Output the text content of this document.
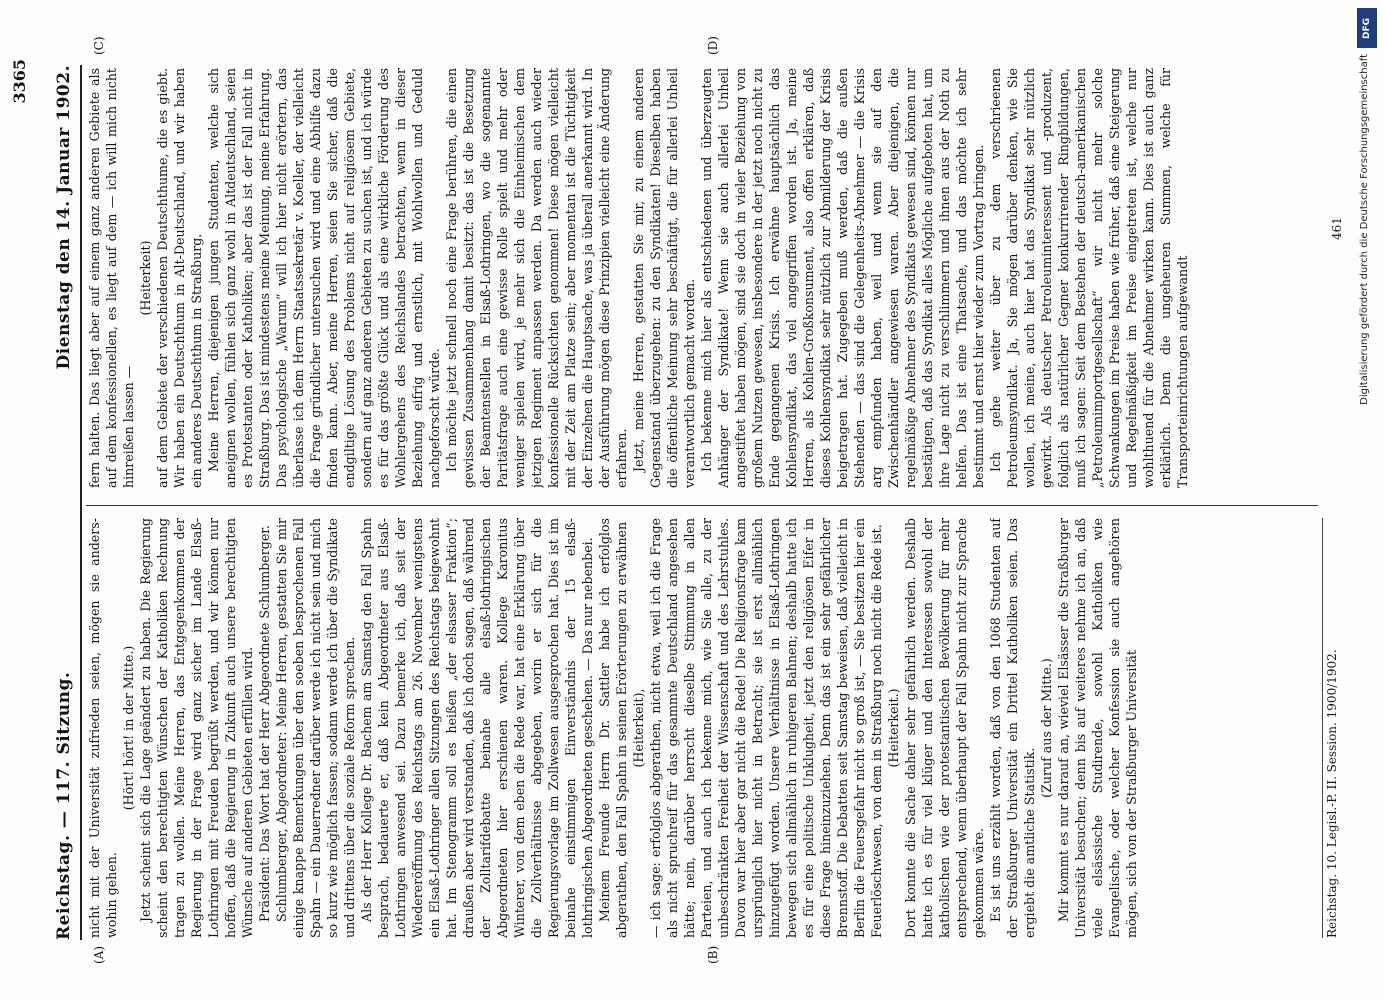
Reichstag. — 117. Sitzung.
Dienstag den 14. Januar 1902.
3365
(A)	(B)
(C)	(D)

nicht mit der Universität zufrieden seien, mögen sie anders-wohin gehen.

(Hört! hört! in der Mitte.) Jetzt scheint sich die Lage geändert zu haben. Die Regierung scheint den berechtigten Wünschen der Katholiken Rechnung tragen zu wollen. Meine Herren, das Entgegenkommen der Regierung in der Frage wird ganz sicher im Lande Elsaß-Lothringen mit Freuden begrüßt werden, und wir können nur hoffen, daß die Regierung in Zukunft auch unsere berechtigten Wünsche auf anderen Gebieten erfüllen wird. Präsident: Das Wort hat der Herr Abgeordnete Schlumberger. Schlumberger, Abgeordneter: Meine Herren, gestatten Sie mir einige knappe Bemerkungen über den soeben besprochenen Fall Spahn — ein Dauerredner darüber werde ich nicht sein und mich so kurz wie möglich fassen; sodann werde ich über die Syndikate und drittens über die soziale Reform sprechen. Als der Herr Kollege Dr. Bachem am Samstag den Fall Spahn besprach, bedauerte er, daß kein Abgeordneter aus Elsaß-Lothringen anwesend sei. Dazu bemerke ich, daß seit der Wiedereröffnung des Reichstags am 26. November wenigstens ein Elsaß-Lothringer allen Sitzungen des Reichstags beigewohnt hat. Im Stenogramm soll es heißen „der elsasser Fraktion“; draußen aber wird verstanden, daß ich doch sagen, daß während der Zolltarifdebatte beinahe alle elsaß-lothringischen Abgeordneten hier erschienen waren. Kollege Karonitus Winterer, von dem eben die Rede war, hat eine Erklärung über die Zollverhältnisse abgegeben, worin er sich für die Regierungsvorlage im Zollwesen ausgesprochen hat. Dies ist im beinahe einstimmigen Einverständnis der 15 elsaß-lothringischen Abgeordneten geschehen. — Das nur nebenbei. Meinem Freunde Herrn Dr. Sattler habe ich erfolglos abgerathen, den Fall Spahn in seinen Erörterungen zu erwähnen (Heiterkeit), — ich sage: erfolglos abgerathen, nicht etwa, weil ich die Frage als nicht spruchreif für das gesammte Deutschland angesehen hätte; nein, darüber herrscht dieselbe Stimmung in allen Parteien, und auch ich bekenne mich, wie Sie alle, zu der unbeschränkten Freiheit der Wissenschaft und des Lehrstuhles. Davon war hier aber gar nicht die Rede! Die Religionsfrage kam ursprünglich hier nicht in Betracht; sie ist erst allmählich hinzugefügt worden. Unsere Verhältnisse in Elsaß-Lothringen bewegen sich allmählich in ruhigeren Bahnen; deshalb hatte ich es für eine politische Unklugheit, jetzt den religiösen Eifer in diese Frage hineinzuziehen. Denn das ist ein sehr gefährlicher Brennstoff. Die Debatten seit Samstag beweisen, daß vielleicht in Berlin die Feuersgefahr nicht so groß ist, — Sie besitzen hier ein Feuerlöschwesen, von dem in Straßburg noch nicht die Rede ist. (Heiterkeit.) Dort konnte die Sache daher sehr gefährlich werden. Deshalb hatte ich es für viel klüger und den Interessen sowohl der katholischen wie der protestantischen Bevölkerung für mehr entsprechend, wenn überhaupt der Fall Spahn nicht zur Sprache gekommen wäre. Es ist uns erzählt worden, daß von den 1068 Studenten auf der Straßburger Universität ein Drittel Katholiken seien. Das ergiebt die amtliche Statistik.

(Zuruf aus der Mitte.) Mir kommt es nur darauf an, wieviel Elsässer die Straßburger Universität besuchen; denn bis auf weiteres nehme ich an, daß viele elsässische Studirende, sowohl Katholiken wie Evangelische, oder welcher Konfession sie auch angehören mögen, sich von der Straßburger Universität

fern halten. Das liegt aber auf einem ganz anderen Gebiete als auf dem konfessionellen, es liegt auf dem — ich will mich nicht hinreißen lassen —

(Heiterkeit) auf dem Gebiete der verschiedenen Deutschthume, die es giebt. Wir haben ein Deutschthum in Alt-Deutschland, und wir haben ein anderes Deutschthum in Straßburg. Meine Herren, diejenigen jungen Studenten, welche sich aneignen wollen, fühlen sich ganz wohl in Altdeutschland, seien es Protestanten oder Katholiken; aber das ist der Fall nicht in Straßburg. Das ist mindestens meine Meinung, meine Erfahrung. Das psychologische „Warum“ will ich hier nicht erörtern, das überlasse ich dem Herrn Staatssekretär v. Koeller, der vielleicht die Frage gründlicher untersuchen wird und eine Abhilfe dazu finden kann. Aber, meine Herren, seien Sie sicher, daß die endgiltige Lösung des Problems nicht auf religiösem Gebiete, sondern auf ganz anderen Gebieten zu suchen ist, und ich würde es für das größte Glück und als eine wirkliche Förderung des Wohlergehens des Reichslandes betrachten, wenn in dieser Beziehung eifrig und ernstlich, mit Wohlwollen und Geduld nachgeforscht würde. Ich möchte jetzt schnell noch eine Frage berühren, die einen gewissen Zusammenhang damit besitzt: das ist die Besetzung der Beamtenstellen in Elsaß-Lothringen, wo die sogenannte Paritätsfrage auch eine gewisse Rolle spielt und mehr oder weniger spielen wird, je mehr sich die Einheimischen dem jetzigen Regiment anpassen werden. Da werden auch wieder konfessionelle Rücksichten genommen! Diese mögen vielleicht mit der Zeit am Platze sein; aber momentan ist die Tüchtigkeit der Einzelnen die Hauptsache, was ja überall anerkannt wird. In der Ausführung mögen diese Prinzipien vielleicht eine Änderung erfahren. Jetzt, meine Herren, gestatten Sie mir, zu einem anderen Gegenstand überzugehen: zu den Syndikaten! Dieselben haben die öffentliche Meinung sehr beschäftigt, die für allerlei Unheil verantwortlich gemacht worden. Ich bekenne mich hier als entschiedenen und überzeugten Anhänger der Syndikate! Wenn sie auch allerlei Unheil angestiftet haben mögen, sind sie doch in vieler Beziehung von großem Nutzen gewesen, insbesondere in der jetzt noch nicht zu Ende gegangenen Krisis. Ich erwähne hauptsächlich das Kohlensyndikat, das viel angegriffen worden ist. Ja, meine Herren, als Kohlen-Großkonsument, also offen erklären, daß dieses Kohlensyndikat sehr nützlich zur Abmilderung der Krisis beigetragen hat. Zugegeben muß werden, daß die außen Stehenden — das sind die Gelegenheits-Abnehmer — die Krisis arg empfunden haben, weil und wenn sie auf den Zwischenhändler angewiesen waren. Aber diejenigen, die regelmäßige Abnehmer des Syndikats gewesen sind, können nur bestätigen, daß das Syndikat alles Mögliche aufgeboten hat, um ihre Lage nicht zu verschlimmern und ihnen aus der Noth zu helfen. Das ist eine Thatsache, und das möchte ich sehr bestimmt und ernst hier wieder zum Vortrag bringen. Ich gehe weiter über zu dem verschrieenen Petroleumsyndikat. Ja, Sie mögen darüber denken, wie Sie wollen, ich meine, auch hier hat das Syndikat sehr nützlich gewirkt. Als deutscher Petroleuminteressent und -produzent, folglich als natürlicher Gegner konkurrirender Ringbildungen, muß ich sagen: Seit dem Bestehen der deutsch-amerikanischen „Petroleumimportgesellschaft“ wir nicht mehr solche Schwankungen im Preise haben wie früher, daß eine Steigerung und Regelmäßigkeit im Preise eingetreten ist, welche nur wohlthuend für die Abnehmer wirken kann. Dies ist auch ganz erklärlich. Denn die ungeheuren Summen, welche für Transporteinrichtungen aufgewandt

Reichstag. 10. Legisl.-P. II. Session. 1900/1902.
461
DFG
Digitalisierung gefördert durch die Deutsche Forschungsgemeinschaft
